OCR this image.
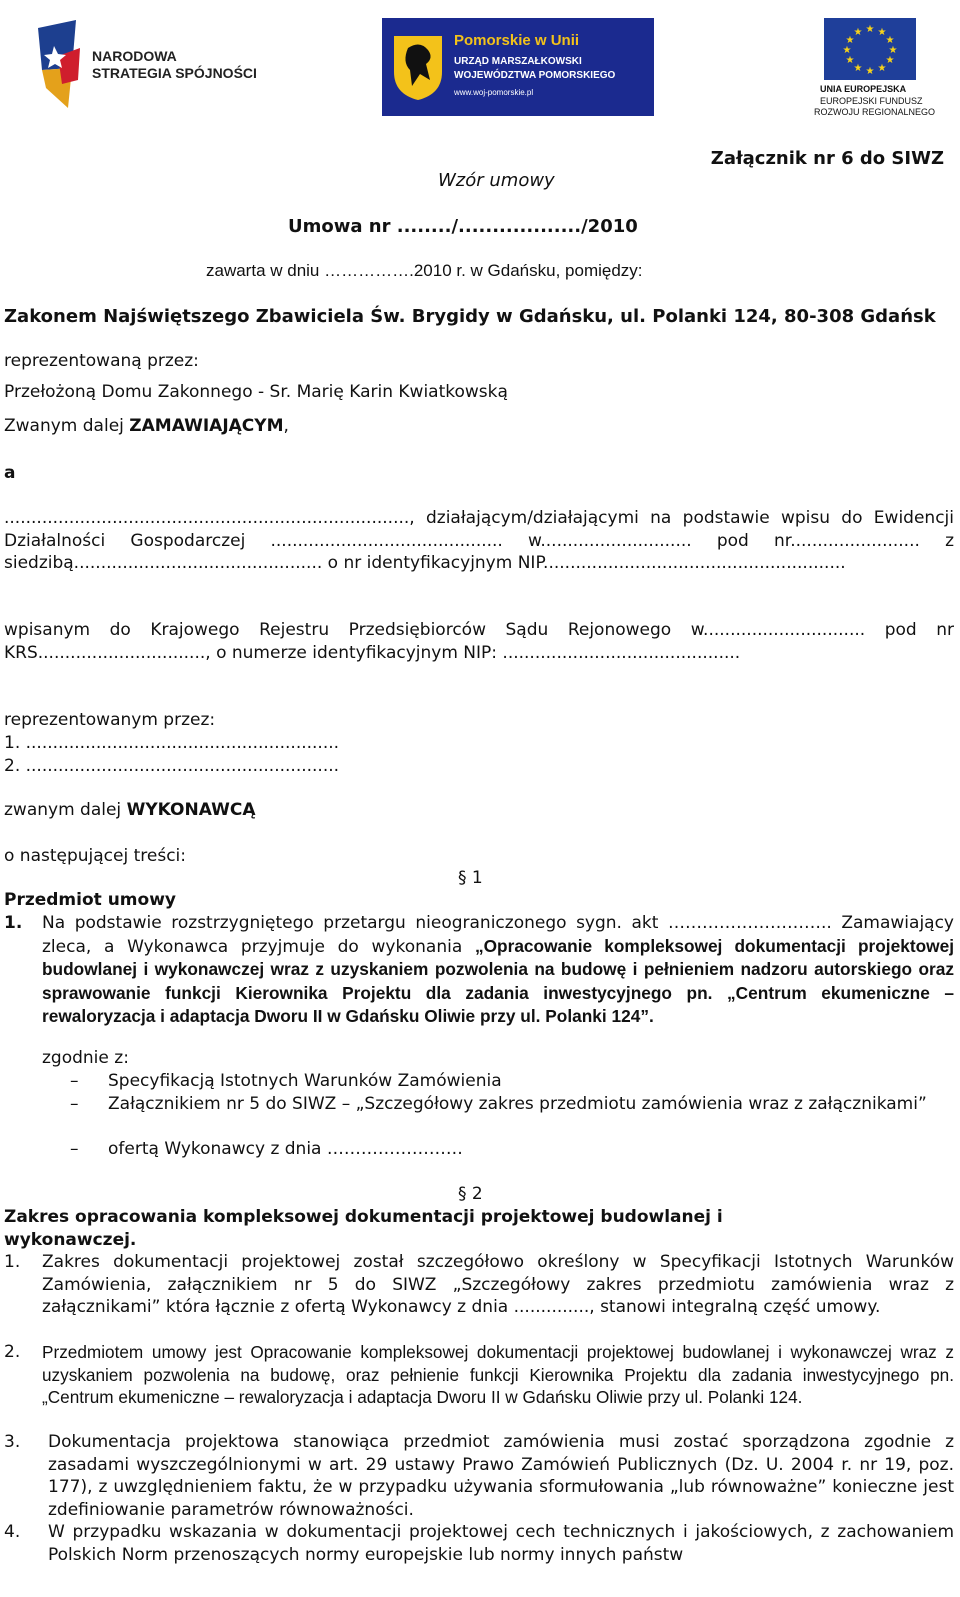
NARODOWA
STRATEGIA SPÓJNOŚCI
Pomorskie w Unii
URZĄD MARSZAŁKOWSKI
WOJEWÓDZTWA POMORSKIEGO
www.woj-pomorskie.pl
★ ★
★
★
★
★
★
★
★
★
★
★
UNIA EUROPEJSKA
EUROPEJSKI FUNDUSZ
ROZWOJU REGIONALNEGO
Załącznik nr 6 do SIWZ
Wzór umowy
Umowa nr ......../................../2010
zawarta w dniu …………….2010 r. w Gdańsku, pomiędzy:
Zakonem Najświętszego Zbawiciela Św. Brygidy w Gdańsku, ul. Polanki 124, 80-308 Gdańsk
reprezentowaną przez:
Przełożoną Domu Zakonnego - Sr. Marię Karin Kwiatkowską
Zwanym dalej ZAMAWIAJĄCYM,
a
..........................................................................., działającym/działającymi na podstawie wpisu do Ewidencji Działalności Gospodarczej ........................................... w............................ pod nr........................ z siedzibą.............................................. o nr identyfikacyjnym NIP........................................................
wpisanym do Krajowego Rejestru Przedsiębiorców Sądu Rejonowego w.............................. pod nr KRS..............................., o numerze identyfikacyjnym NIP: ............................................
reprezentowanym przez:
1. ..........................................................
2. ..........................................................
zwanym dalej WYKONAWCĄ
o następującej treści:
§ 1
Przedmiot umowy
1. Na podstawie rozstrzygniętego przetargu nieograniczonego sygn. akt ……………………….. Zamawiający zleca, a Wykonawca przyjmuje do wykonania „Opracowanie kompleksowej dokumentacji projektowej budowlanej i wykonawczej wraz z uzyskaniem pozwolenia na budowę i pełnieniem nadzoru autorskiego oraz sprawowanie funkcji Kierownika Projektu dla zadania inwestycyjnego pn. „Centrum ekumeniczne – rewaloryzacja i adaptacja Dworu II w Gdańsku Oliwie przy ul. Polanki 124”.
zgodnie z:
– Specyfikacją Istotnych Warunków Zamówienia
– Załącznikiem nr 5 do SIWZ – „Szczegółowy zakres przedmiotu zamówienia wraz z załącznikami”
– ofertą Wykonawcy z dnia ……………………
§ 2
Zakres opracowania kompleksowej dokumentacji projektowej budowlanej i wykonawczej.
1. Zakres dokumentacji projektowej został szczegółowo określony w Specyfikacji Istotnych Warunków Zamówienia, załącznikiem nr 5 do SIWZ „Szczegółowy zakres przedmiotu zamówienia wraz z załącznikami” która łącznie z ofertą Wykonawcy z dnia .............., stanowi integralną część umowy.
2. Przedmiotem umowy jest Opracowanie kompleksowej dokumentacji projektowej budowlanej i wykonawczej wraz z uzyskaniem pozwolenia na budowę, oraz pełnienie funkcji Kierownika Projektu dla zadania inwestycyjnego pn. „Centrum ekumeniczne – rewaloryzacja i adaptacja Dworu II w Gdańsku Oliwie przy ul. Polanki 124.
3. Dokumentacja projektowa stanowiąca przedmiot zamówienia musi zostać sporządzona zgodnie z zasadami wyszczególnionymi w art. 29 ustawy Prawo Zamówień Publicznych (Dz. U. 2004 r. nr 19, poz. 177), z uwzględnieniem faktu, że w przypadku używania sformułowania „lub równoważne” konieczne jest zdefiniowanie parametrów równoważności.
4. W przypadku wskazania w dokumentacji projektowej cech technicznych i jakościowych, z zachowaniem Polskich Norm przenoszących normy europejskie lub normy innych państw
